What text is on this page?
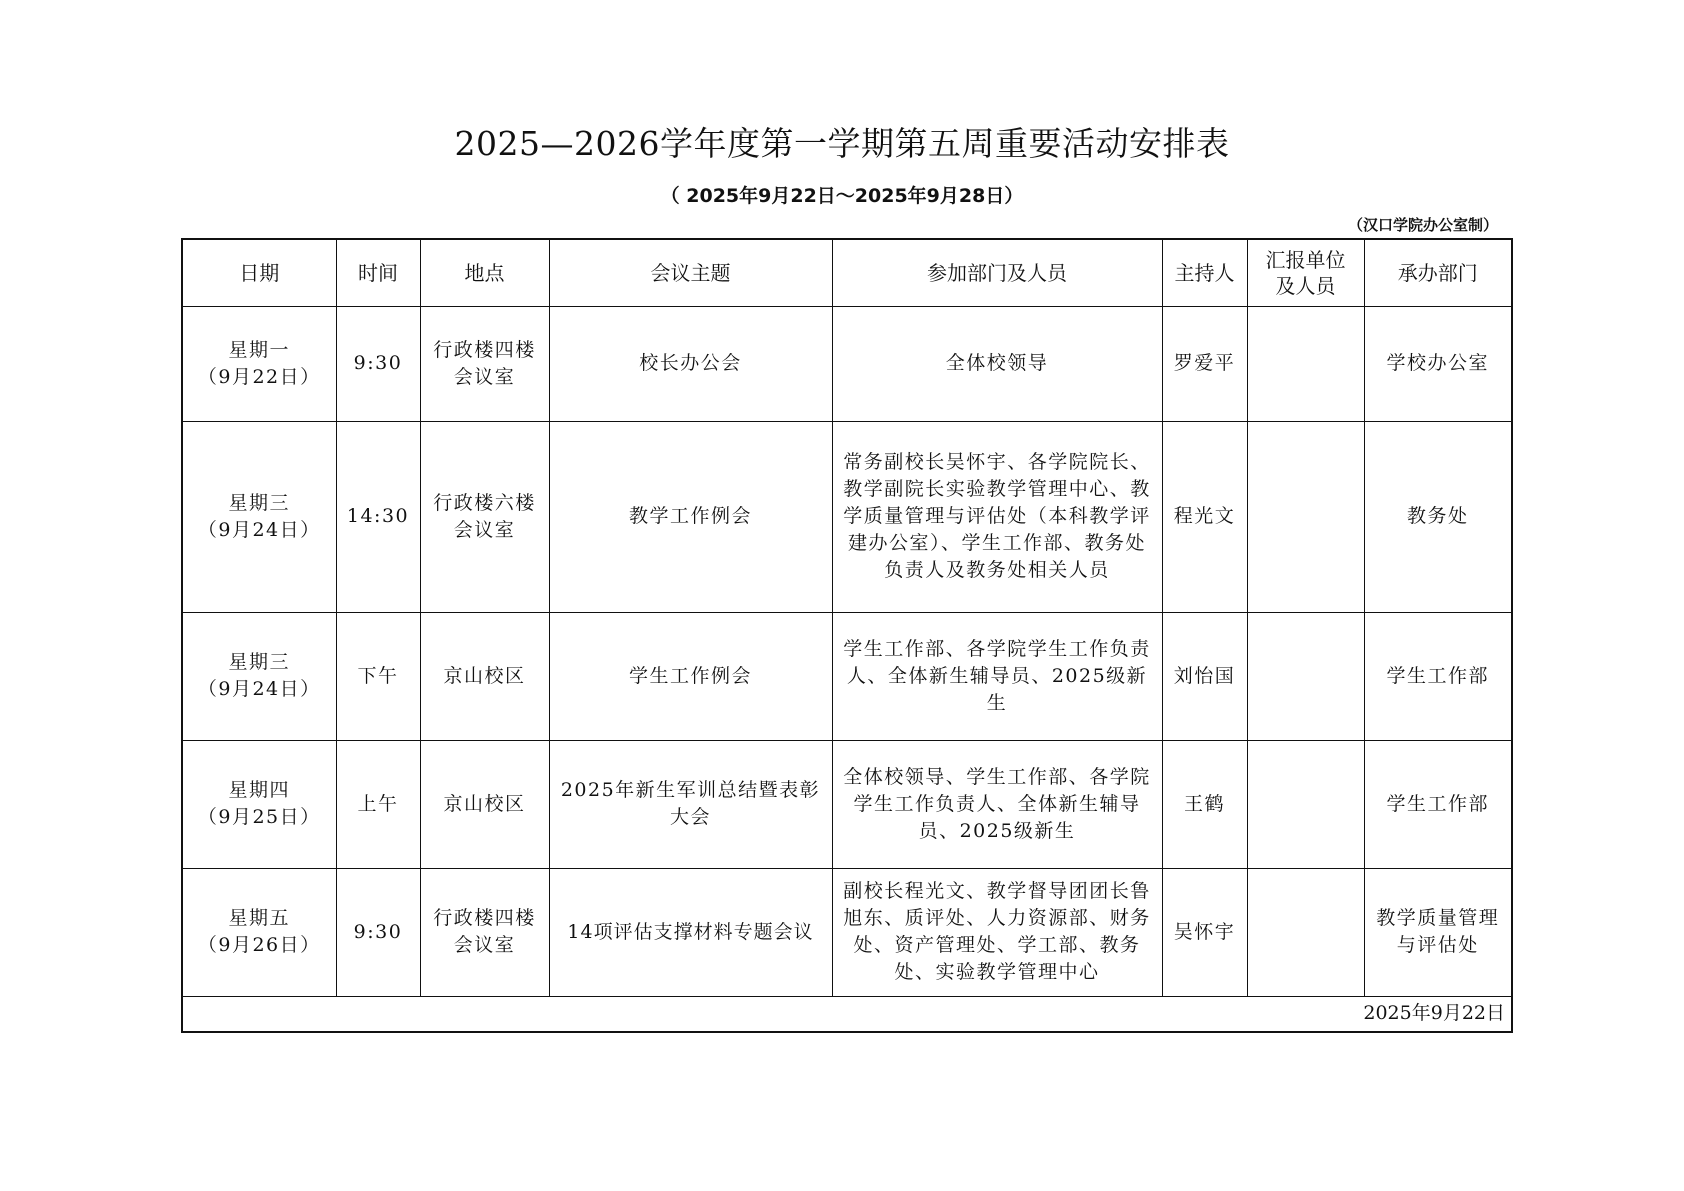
2025—2026学年度第一学期第五周重要活动安排表
（ 2025年9月22日～2025年9月28日）
（汉口学院办公室制）
日期	时间	地点	会议主题	参加部门及人员	主持人	汇报单位及人员	承办部门

星期一
（9月22日）	9:30	行政楼四楼会议室	校长办公会	全体校领导	罗爱平		学校办公室

星期三
（9月24日）	14:30	行政楼六楼会议室	教学工作例会	常务副校长吴怀宇、各学院院长、教学副院长实验教学管理中心、教学质量管理与评估处（本科教学评建办公室）、学生工作部、教务处负责人及教务处相关人员	程光文		教务处

星期三
（9月24日）	下午	京山校区	学生工作例会	学生工作部、各学院学生工作负责人、全体新生辅导员、2025级新生	刘怡国		学生工作部

星期四
（9月25日）	上午	京山校区	2025年新生军训总结暨表彰大会	全体校领导、学生工作部、各学院学生工作负责人、全体新生辅导员、2025级新生	王鹤		学生工作部

星期五
（9月26日）	9:30	行政楼四楼会议室	14项评估支撑材料专题会议	副校长程光文、教学督导团团长鲁旭东、质评处、人力资源部、财务处、资产管理处、学工部、教务处、实验教学管理中心	吴怀宇		教学质量管理与评估处
2025年9月22日							
